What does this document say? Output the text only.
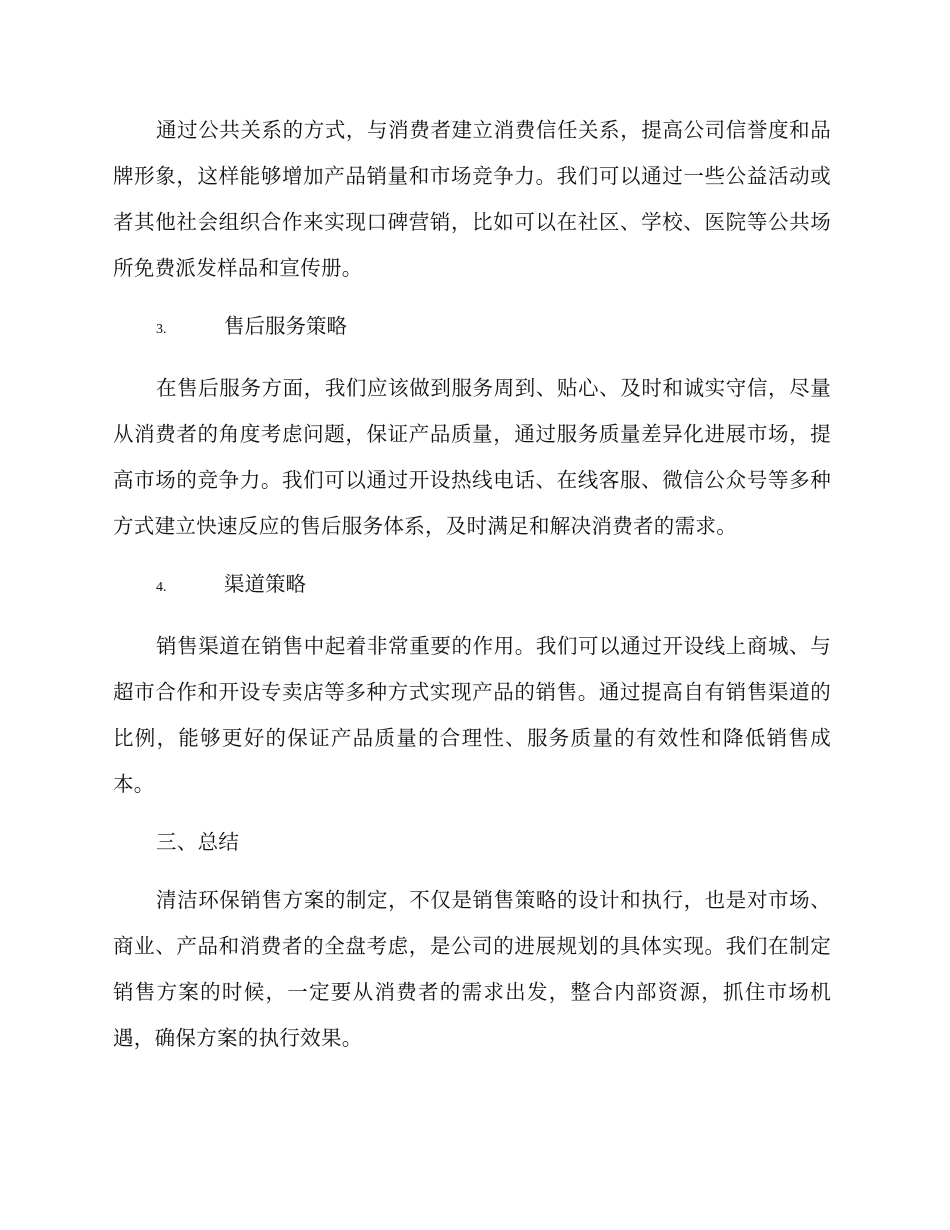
通过公共关系的方式，与消费者建立消费信任关系，提高公司信誉度和品牌形象，这样能够增加产品销量和市场竞争力。我们可以通过一些公益活动或者其他社会组织合作来实现口碑营销，比如可以在社区、学校、医院等公共场所免费派发样品和宣传册。

3.	售后服务策略

在售后服务方面，我们应该做到服务周到、贴心、及时和诚实守信，尽量从消费者的角度考虑问题，保证产品质量，通过服务质量差异化进展市场，提高市场的竞争力。我们可以通过开设热线电话、在线客服、微信公众号等多种方式建立快速反应的售后服务体系，及时满足和解决消费者的需求。

4.	渠道策略

销售渠道在销售中起着非常重要的作用。我们可以通过开设线上商城、与超市合作和开设专卖店等多种方式实现产品的销售。通过提高自有销售渠道的比例，能够更好的保证产品质量的合理性、服务质量的有效性和降低销售成本。

三、总结

清洁环保销售方案的制定，不仅是销售策略的设计和执行，也是对市场、商业、产品和消费者的全盘考虑，是公司的进展规划的具体实现。我们在制定销售方案的时候，一定要从消费者的需求出发，整合内部资源，抓住市场机遇，确保方案的执行效果。
